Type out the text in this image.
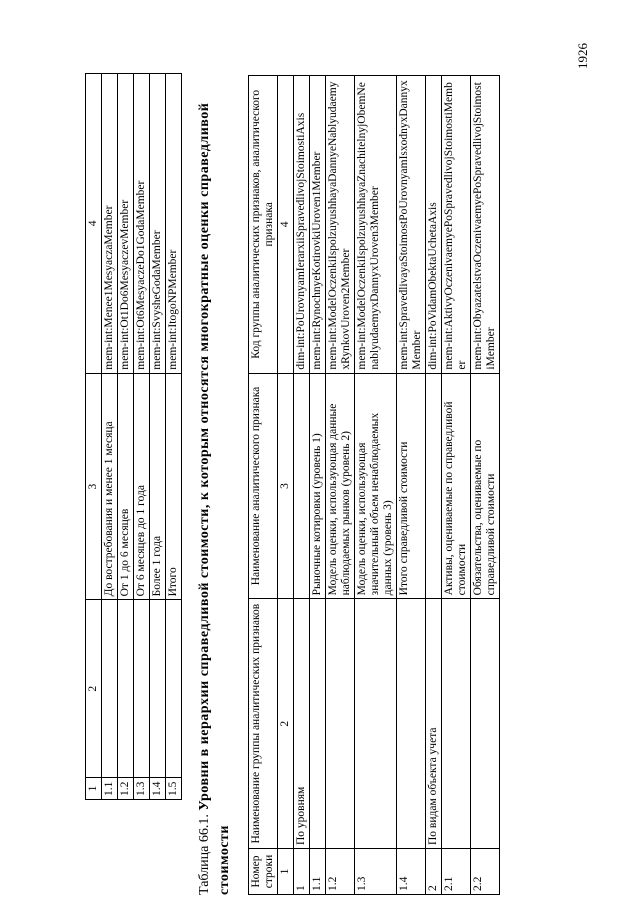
1	2	3	4
1.1		До востребования и менее 1 месяца	mem-int:Menee1MesyaczaMember
1.2		От 1 до 6 месяцев	mem-int:Ot1Do6MesyaczevMember
1.3		От 6 месяцев до 1 года	mem-int:Ot6MesyaczeDo1GodaMember
1.4		Более 1 года	mem-int:SvysheGodaMember
1.5		Итого	mem-int:ItogoNPMember
Таблица 66.1. Уровни в иерархии справедливой стоимости, к которым относятся многократные оценки справедливой стоимости Номер строки	Наименование группы аналитических признаков	Наименование аналитического признака	Код группы аналитических признаков, аналитического признака
1	2	3	4
1	По уровням		dim-int:PoUrovnyamIerarxiiSpravedlivojStoimostiAxis
1.1		Рыночные котировки (уровень 1)	mem-int:RynochnyeKotirovkiUroven1Member
1.2		Модель оценки, использующая данные наблюдаемых рынков (уровень 2)	mem-int:ModelOczenkiIspolzuyushhayaDannyeNablyudaemyxRynkovUroven2Member
1.3		Модель оценки, использующая значительный объем ненаблюдаемых данных (уровень 3)	mem-int:ModelOczenkiIspolzuyushhayaZnachitelnyjObemNenablyudaemyxDannyxUroven3Member
1.4		Итого справедливой стоимости	mem-int:SpravedlivayaStoimostPoUrovnyamIsxodnyxDannyxMember
2	По видам объекта учета		dim-int:PoVidamObektaUchetaAxis
2.1		Активы, оцениваемые по справедливой стоимости	mem-int:AktivyOczenivaemyePoSpravedlivojStoimostiMember
2.2		Обязательства, оцениваемые по справедливой стоимости	mem-int:ObyazatelstvaOczenivaemyePoSpravedlivojStoimostiMember
1926
